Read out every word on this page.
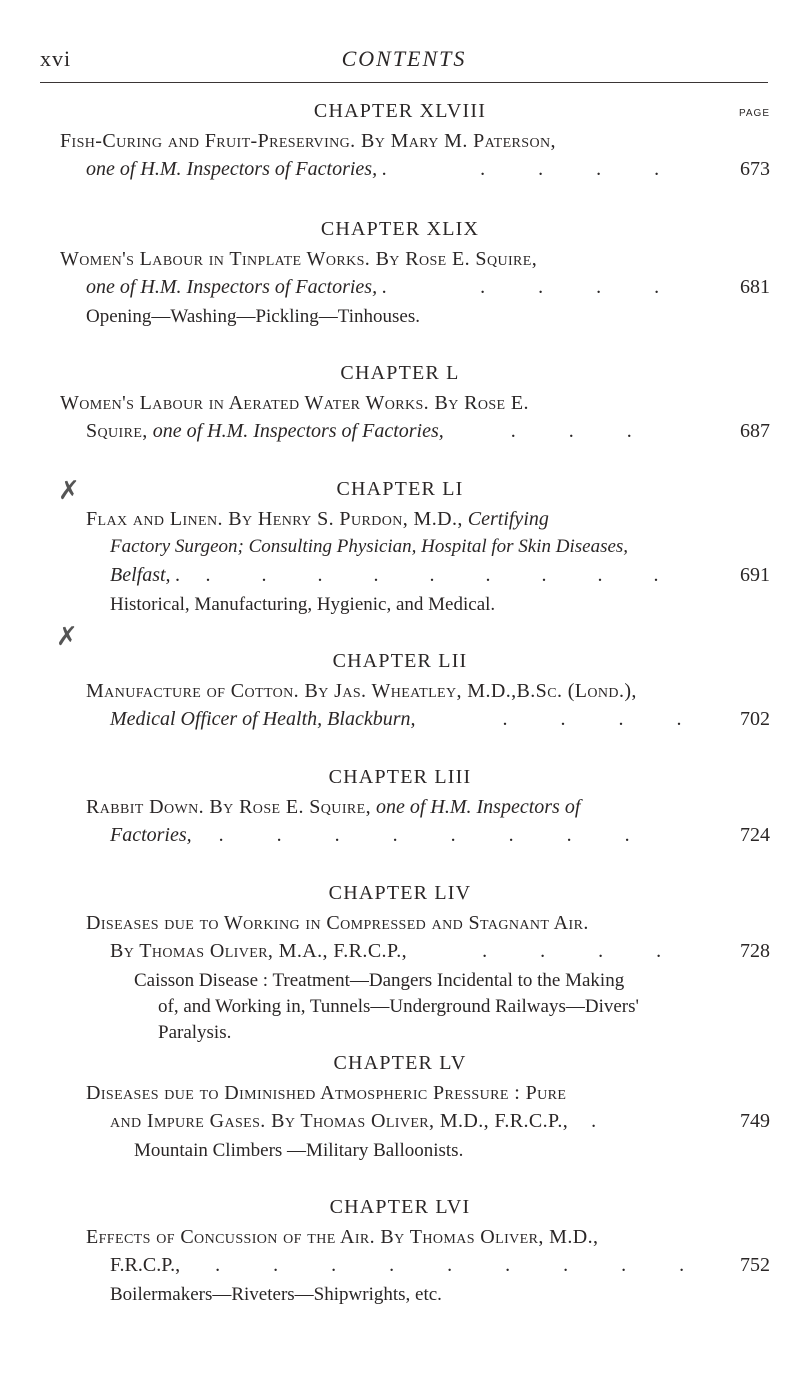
xvi	CONTENTS
PAGE
CHAPTER XLVIII
Fish-Curing and Fruit-Preserving. By Mary M. Paterson,
one of H.M. Inspectors of Factories, .	. . . .	673
CHAPTER XLIX
Women's Labour in Tinplate Works. By Rose E. Squire,
one of H.M. Inspectors of Factories, .	. . . .	681
Opening—Washing—Pickling—Tinhouses.
CHAPTER L
Women's Labour in Aerated Water Works. By Rose E.
Squire, one of H.M. Inspectors of Factories,	. . .	687
✗	CHAPTER LI
Flax and Linen. By Henry S. Purdon, M.D., Certifying
Factory Surgeon; Consulting Physician, Hospital for Skin Diseases,
Belfast, . . . . . . . . . .	691
Historical, Manufacturing, Hygienic, and Medical.
✗
CHAPTER LII
Manufacture of Cotton. By Jas. Wheatley, M.D.,B.Sc. (Lond.),
Medical Officer of Health, Blackburn,	. . . . 702
CHAPTER LIII
Rabbit Down. By Rose E. Squire, one of H.M. Inspectors of
Factories, . . . . . . . .	724
CHAPTER LIV
Diseases due to Working in Compressed and Stagnant Air.
By Thomas Oliver, M.A., F.R.C.P.,	. . . .	728
Caisson Disease : Treatment—Dangers Incidental to the Making
of, and Working in, Tunnels—Underground Railways—Divers'
Paralysis.
CHAPTER LV
Diseases due to Diminished Atmospheric Pressure : Pure
and Impure Gases. By Thomas Oliver, M.D., F.R.C.P., .	749
Mountain Climbers —Military Balloonists.
CHAPTER LVI
Effects of Concussion of the Air. By Thomas Oliver, M.D.,
F.R.C.P., . . . . . . . . . 752
Boilermakers—Riveters—Shipwrights, etc.
